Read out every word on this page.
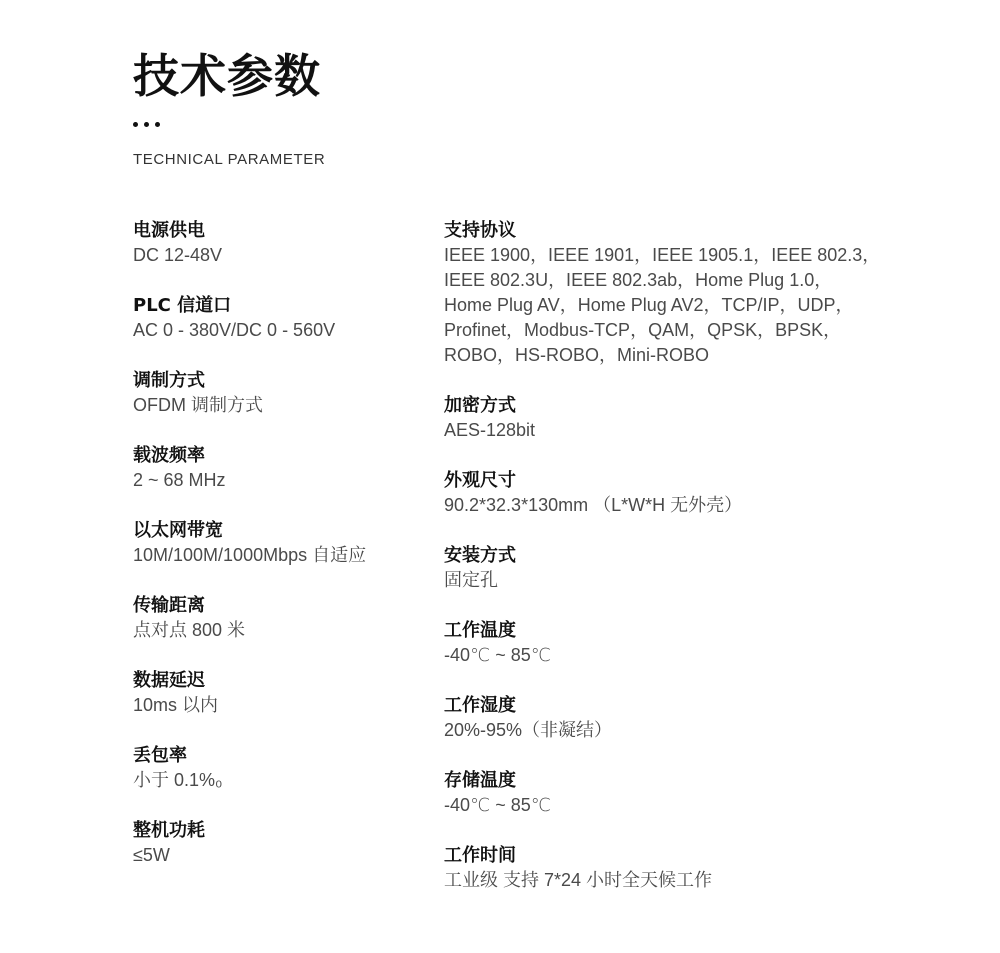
技术参数
TECHNICAL PARAMETER

电源供电

DC 12-48V

PLC 信道口

AC 0 - 380V/DC 0 - 560V

调制方式

OFDM 调制方式

载波频率

2 ~ 68 MHz

以太网带宽

10M/100M/1000Mbps 自适应

传输距离

点对点 800 米

数据延迟

10ms 以内

丢包率

小于 0.1%₀

整机功耗

≤5W

支持协议

IEEE 1900，IEEE 1901，IEEE 1905.1，IEEE 802.3，
IEEE 802.3U，IEEE 802.3ab，Home Plug 1.0，
Home Plug AV，Home Plug AV2，TCP/IP，UDP，
Profinet，Modbus-TCP，QAM，QPSK，BPSK，
ROBO，HS-ROBO，Mini-ROBO

加密方式

AES-128bit

外观尺寸

90.2*32.3*130mm （L*W*H 无外壳）

安装方式

固定孔

工作温度

-40℃ ~ 85℃

工作湿度

20%-95%（非凝结）

存储温度

-40℃ ~ 85℃

工作时间

工业级 支持 7*24 小时全天候工作
